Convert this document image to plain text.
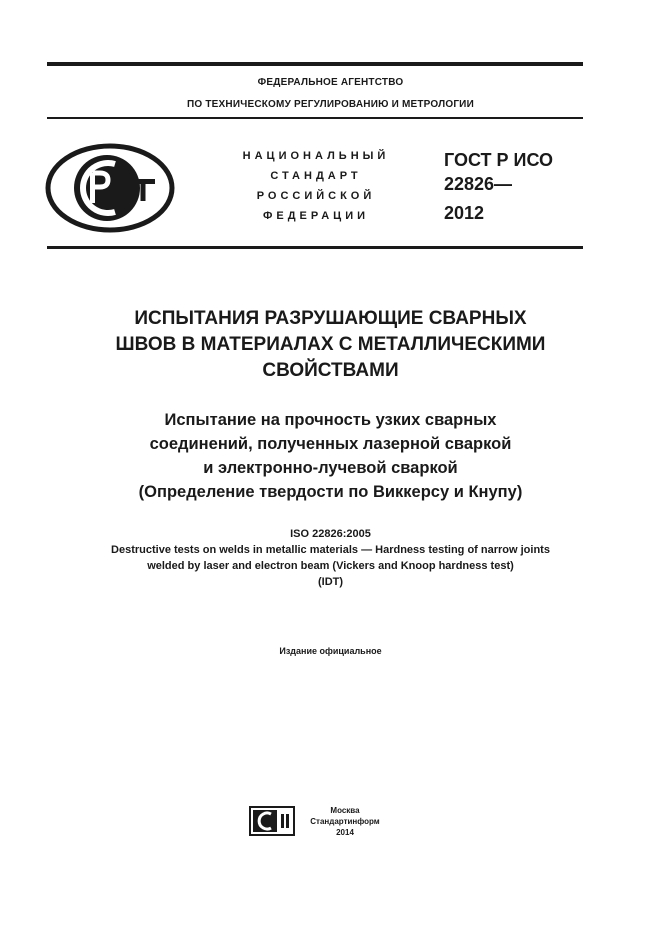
ФЕДЕРАЛЬНОЕ АГЕНТСТВО
ПО ТЕХНИЧЕСКОМУ РЕГУЛИРОВАНИЮ И МЕТРОЛОГИИ
РСТ
НАЦИОНАЛЬНЫЙ
СТАНДАРТ
РОССИЙСКОЙ
ФЕДЕРАЦИИ
ГОСТ Р ИСО
22826—
2012
ИСПЫТАНИЯ РАЗРУШАЮЩИЕ СВАРНЫХ
ШВОВ В МАТЕРИАЛАХ С МЕТАЛЛИЧЕСКИМИ
СВОЙСТВАМИ
Испытание на прочность узких сварных
соединений, полученных лазерной сваркой
и электронно-лучевой сваркой
(Определение твердости по Виккерсу и Кнупу)
ISO 22826:2005
Destructive tests on welds in metallic materials — Hardness testing of narrow joints
welded by laser and electron beam (Vickers and Knoop hardness test)
(IDT)
Издание официальное
Москва
Стандартинформ
2014
